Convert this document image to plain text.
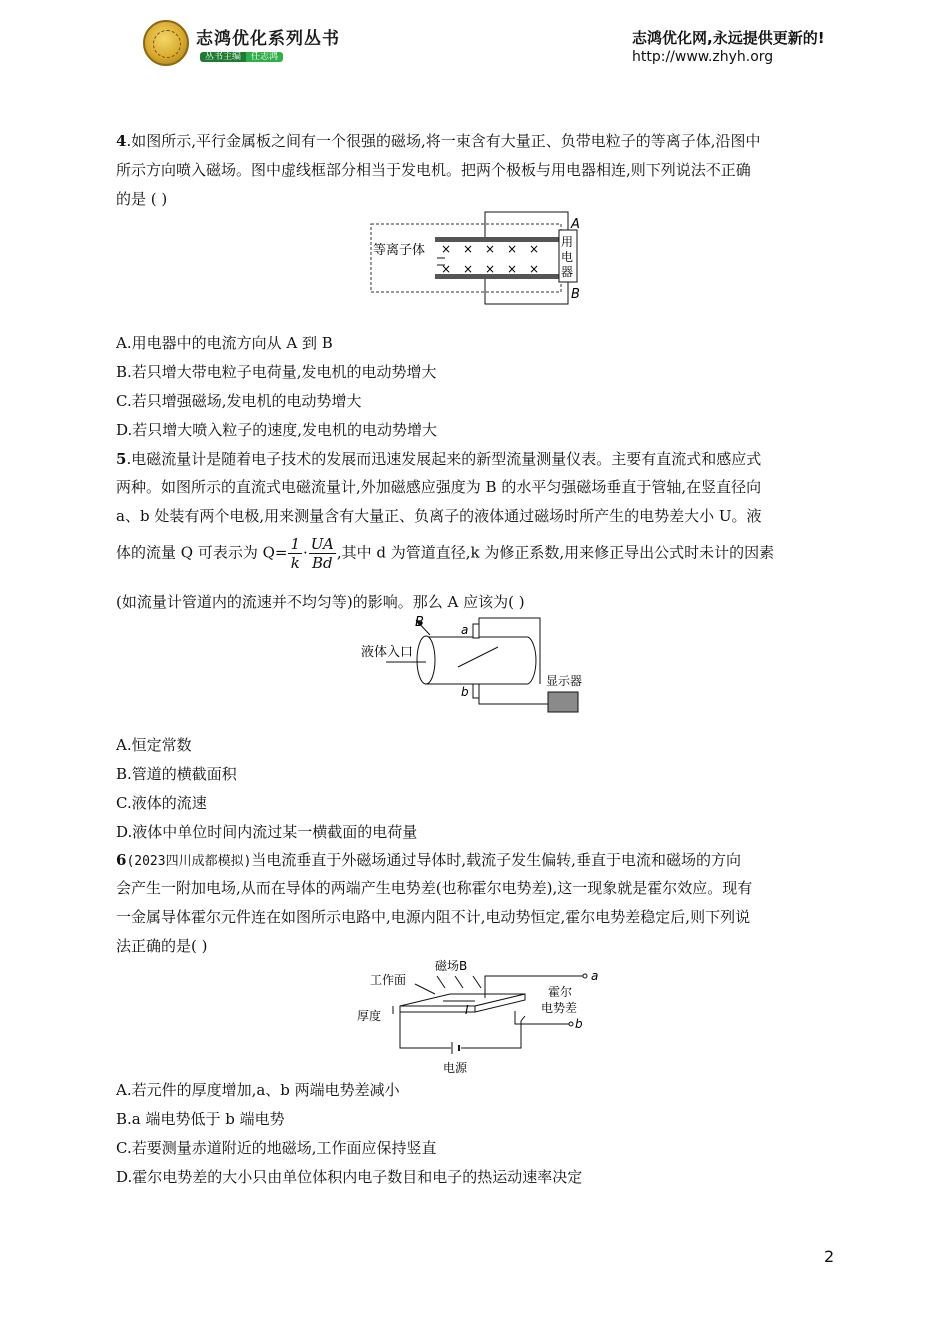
志鸿优化系列丛书
丛书主编 任志鸿
志鸿优化网,永远提供更新的!
http://www.zhyh.org
4.如图所示,平行金属板之间有一个很强的磁场,将一束含有大量正、负带电粒子的等离子体,沿图中
所示方向喷入磁场。图中虚线框部分相当于发电机。把两个极板与用电器相连,则下列说法不正确
的是 ( )
等离子体 × × × × ×
× × × × ×
用
电
器
A
B
A.用电器中的电流方向从 A 到 B
B.若只增大带电粒子电荷量,发电机的电动势增大
C.若只增强磁场,发电机的电动势增大
D.若只增大喷入粒子的速度,发电机的电动势增大
5.电磁流量计是随着电子技术的发展而迅速发展起来的新型流量测量仪表。主要有直流式和感应式
两种。如图所示的直流式电磁流量计,外加磁感应强度为 B 的水平匀强磁场垂直于管轴,在竖直径向
a、b 处装有两个电极,用来测量含有大量正、负离子的液体通过磁场时所产生的电势差大小 U。液
体的流量 Q 可表示为 $Q= \frac{1}{k} \cdot \frac{UA}{Bd}$ ,其中 d 为管道直径,k 为修正系数,用来修正导出公式时未计的因素
(如流量计管道内的流速并不均匀等)的影响。那么 A 应该为( )
B	a
b
显示器
液体入口
A.恒定常数
B.管道的横截面积
C.液体的流速
D.液体中单位时间内流过某一横截面的电荷量
6(2023四川成都模拟)当电流垂直于外磁场通过导体时,载流子发生偏转,垂直于电流和磁场的方向
会产生一附加电场,从而在导体的两端产生电势差(也称霍尔电势差),这一现象就是霍尔效应。现有
一金属导体霍尔元件连在如图所示电路中,电源内阻不计,电动势恒定,霍尔电势差稳定后,则下列说
法正确的是( )
磁场B
工作面
厚度	I
a
b
霍尔
电势差
电源
A.若元件的厚度增加,a、b 两端电势差减小
B.a 端电势低于 b 端电势
C.若要测量赤道附近的地磁场,工作面应保持竖直
D.霍尔电势差的大小只由单位体积内电子数目和电子的热运动速率决定
2
